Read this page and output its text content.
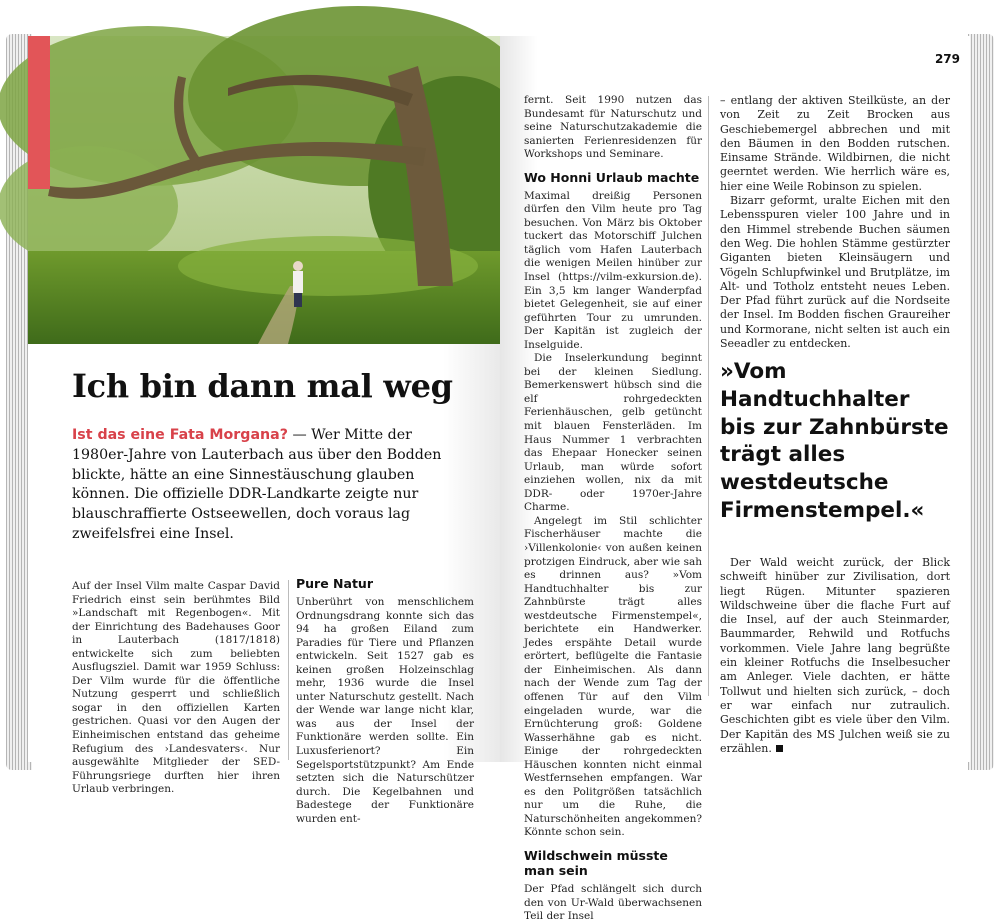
Ich bin dann mal weg

Ist das eine Fata Morgana? — Wer Mitte der 1980er-Jahre von Lauterbach aus über den Bodden blickte, hätte an eine Sinnestäuschung glauben können. Die offizielle DDR-Landkarte zeigte nur blauschraffierte Ostseewellen, doch voraus lag zweifelsfrei eine Insel.

Auf der Insel Vilm malte Caspar David Friedrich einst sein berühmtes Bild »Landschaft mit Regenbogen«. Mit der Einrichtung des Badehauses Goor in Lauterbach (1817/1818) entwickelte sich zum beliebten Ausflugsziel. Damit war 1959 Schluss: Der Vilm wurde für die öffentliche Nutzung gesperrt und schließlich sogar in den offiziellen Karten gestrichen. Quasi vor den Augen der Einheimischen entstand das geheime Refugium des ›Landesvaters‹. Nur ausgewählte Mitglieder der SED-Führungsriege durften hier ihren Urlaub verbringen.

Pure Natur

Unberührt von menschlichem Ordnungsdrang konnte sich das 94 ha großen Eiland zum Paradies für Tiere und Pflanzen entwickeln. Seit 1527 gab es keinen großen Holzeinschlag mehr, 1936 wurde die Insel unter Naturschutz gestellt. Nach der Wende war lange nicht klar, was aus der Insel der Funktionäre werden sollte. Ein Luxusferienort? Ein Segelsportstützpunkt? Am Ende setzten sich die Naturschützer durch. Die Kegelbahnen und Badestege der Funktionäre wurden ent-

279

fernt. Seit 1990 nutzen das Bundesamt für Naturschutz und seine Naturschutzakademie die sanierten Ferienresidenzen für Workshops und Seminare.

Wo Honni Urlaub machte

Maximal dreißig Personen dürfen den Vilm heute pro Tag besuchen. Von März bis Oktober tuckert das Motorschiff Julchen täglich vom Hafen Lauterbach die wenigen Meilen hinüber zur Insel (https://vilm-exkursion.de). Ein 3,5 km langer Wanderpfad bietet Gelegenheit, sie auf einer geführten Tour zu umrunden. Der Kapitän ist zugleich der Inselguide.

Die Inselerkundung beginnt bei der kleinen Siedlung. Bemerkenswert hübsch sind die elf rohrgedeckten Ferienhäuschen, gelb getüncht mit blauen Fensterläden. Im Haus Nummer 1 verbrachten das Ehepaar Honecker seinen Urlaub, man würde sofort einziehen wollen, nix da mit DDR- oder 1970er-Jahre Charme.

Angelegt im Stil schlichter Fischerhäuser machte die ›Villenkolonie‹ von außen keinen protzigen Eindruck, aber wie sah es drinnen aus? »Vom Handtuchhalter bis zur Zahnbürste trägt alles westdeutsche Firmenstempel«, berichtete ein Handwerker. Jedes erspähte Detail wurde erörtert, beflügelte die Fantasie der Einheimischen. Als dann nach der Wende zum Tag der offenen Tür auf den Vilm eingeladen wurde, war die Ernüchterung groß: Goldene Wasserhähne gab es nicht. Einige der rohrgedeckten Häuschen konnten nicht einmal Westfernsehen empfangen. War es den Politgrößen tatsächlich nur um die Ruhe, die Naturschönheiten angekommen? Könnte schon sein.

Wildschwein müsste man sein

Der Pfad schlängelt sich durch den von Ur-Wald überwachsenen Teil der Insel

– entlang der aktiven Steilküste, an der von Zeit zu Zeit Brocken aus Geschiebemergel abbrechen und mit den Bäumen in den Bodden rutschen. Einsame Strände. Wildbirnen, die nicht geerntet werden. Wie herrlich wäre es, hier eine Weile Robinson zu spielen.

Bizarr geformt, uralte Eichen mit den Lebensspuren vieler 100 Jahre und in den Himmel strebende Buchen säumen den Weg. Die hohlen Stämme gestürzter Giganten bieten Kleinsäugern und Vögeln Schlupfwinkel und Brutplätze, im Alt- und Totholz entsteht neues Leben. Der Pfad führt zurück auf die Nordseite der Insel. Im Bodden fischen Graureiher und Kormorane, nicht selten ist auch ein Seeadler zu entdecken.

»Vom Handtuchhalter bis zur Zahnbürste trägt alles westdeutsche Firmenstempel.«

Der Wald weicht zurück, der Blick schweift hinüber zur Zivilisation, dort liegt Rügen. Mitunter spazieren Wildschweine über die flache Furt auf die Insel, auf der auch Steinmarder, Baummarder, Rehwild und Rotfuchs vorkommen. Viele Jahre lang begrüßte ein kleiner Rotfuchs die Inselbesucher am Anleger. Viele dachten, er hätte Tollwut und hielten sich zurück, – doch er war einfach nur zutraulich. Geschichten gibt es viele über den Vilm. Der Kapitän des MS Julchen weiß sie zu erzählen.
